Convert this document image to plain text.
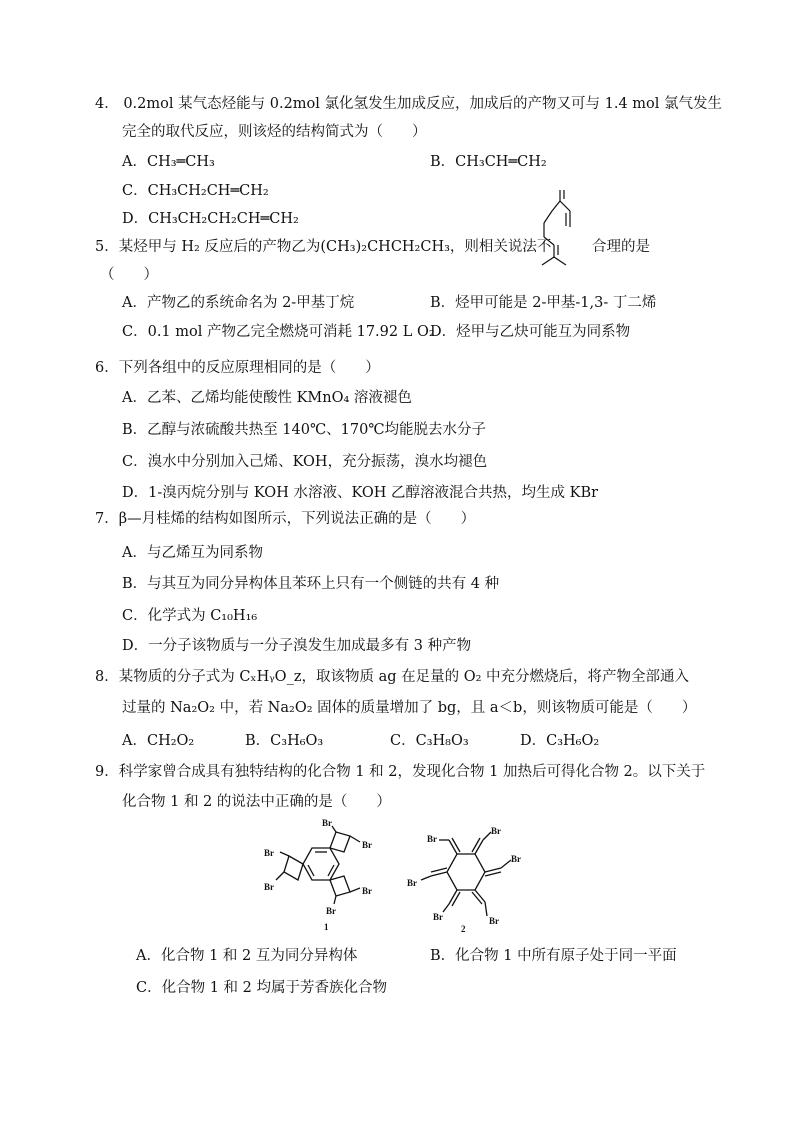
4． 0.2mol 某气态烃能与 0.2mol 氯化氢发生加成反应，加成后的产物又可与 1.4 mol 氯气发生
完全的取代反应，则该烃的结构简式为（　　）
A．CH₃═CH₃	B．CH₃CH═CH₂
C．CH₃CH₂CH═CH₂
D．CH₃CH₂CH₂CH═CH₂
5．某烃甲与 H₂ 反应后的产物乙为(CH₃)₂CHCH₂CH₃，则相关说法不	合理的是
（　　）
A．产物乙的系统命名为 2-甲基丁烷	B．烃甲可能是 2-甲基-1,3- 丁二烯
C．0.1 mol 产物乙完全燃烧可消耗 17.92 L O₂
D．烃甲与乙炔可能互为同系物
6．下列各组中的反应原理相同的是（　　）
A．乙苯、乙烯均能使酸性 KMnO₄ 溶液褪色
B．乙醇与浓硫酸共热至 140℃、170℃均能脱去水分子
C．溴水中分别加入己烯、KOH，充分振荡，溴水均褪色
D．1-溴丙烷分别与 KOH 水溶液、KOH 乙醇溶液混合共热，均生成 KBr
7．β—月桂烯的结构如图所示，下列说法正确的是（　　）
A．与乙烯互为同系物
B．与其互为同分异构体且苯环上只有一个侧链的共有 4 种
C．化学式为 C₁₀H₁₆
D．一分子该物质与一分子溴发生加成最多有 3 种产物
8．某物质的分子式为 CₓHᵧO_z，取该物质 ag 在足量的 O₂ 中充分燃烧后，将产物全部通入
过量的 Na₂O₂ 中，若 Na₂O₂ 固体的质量增加了 bg，且 a＜b，则该物质可能是（　　）
A．CH₂O₂	B．C₃H₆O₃	C．C₃H₈O₃	D．C₃H₆O₂
9．科学家曾合成具有独特结构的化合物 1 和 2，发现化合物 1 加热后可得化合物 2。以下关于
化合物 1 和 2 的说法中正确的是（　　）
Br
Br
Br
Br	Br
Br
1
Br
Br
Br
Br
Br
Br
2
A．化合物 1 和 2 互为同分异构体	B．化合物 1 中所有原子处于同一平面
C．化合物 1 和 2 均属于芳香族化合物
